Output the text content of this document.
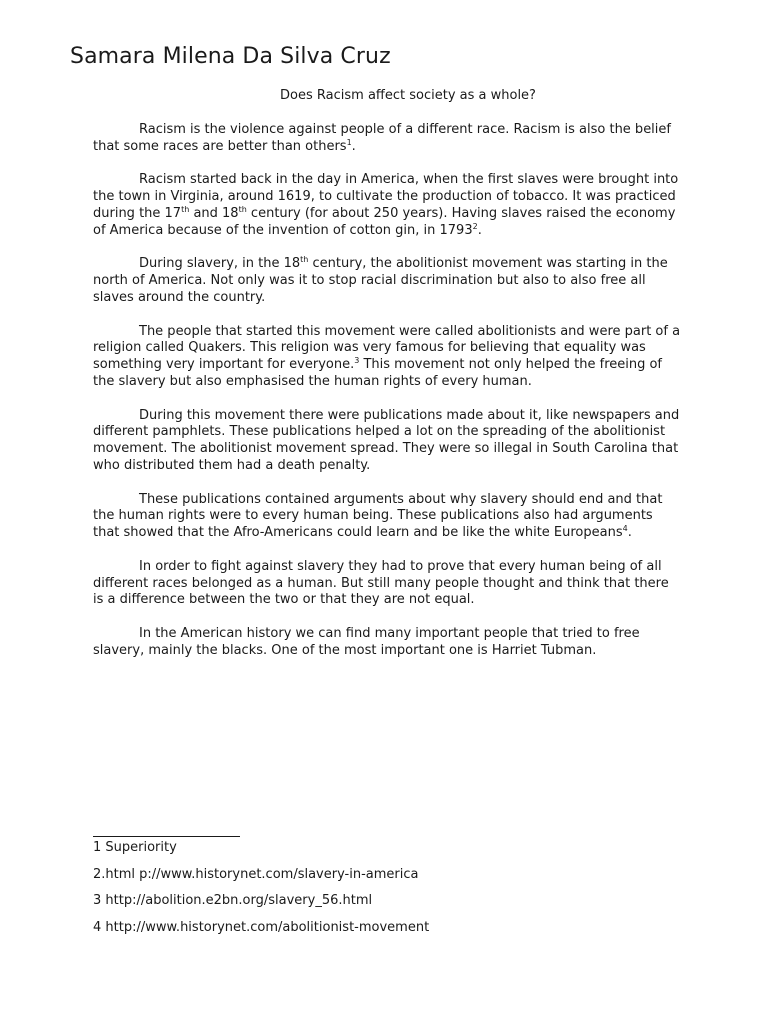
Samara Milena Da Silva Cruz
Does Racism affect society as a whole?

Racism is the violence against people of a different race. Racism is also the belief that some races are better than others$^1$.

Racism started back in the day in America, when the first slaves were brought into the town in Virginia, around 1619, to cultivate the production of tobacco. It was practiced during the 17th and 18th century (for about 250 years). Having slaves raised the economy of America because of the invention of cotton gin, in 1793$^2$.

During slavery, in the 18th century, the abolitionist movement was starting in the north of America. Not only was it to stop racial discrimination but also to also free all slaves around the country.

The people that started this movement were called abolitionists and were part of a religion called Quakers. This religion was very famous for believing that equality was something very important for everyone.$^3$ This movement not only helped the freeing of the slavery but also emphasised the human rights of every human.

During this movement there were publications made about it, like newspapers and different pamphlets. These publications helped a lot on the spreading of the abolitionist movement. The abolitionist movement spread. They were so illegal in South Carolina that who distributed them had a death penalty.

These publications contained arguments about why slavery should end and that the human rights were to every human being. These publications also had arguments that showed that the Afro-Americans could learn and be like the white Europeans$^4$.

In order to fight against slavery they had to prove that every human being of all different races belonged as a human. But still many people thought and think that there is a difference between the two or that they are not equal.

In the American history we can find many important people that tried to free slavery, mainly the blacks. One of the most important one is Harriet Tubman.

1 Superiority
2.html p://www.historynet.com/slavery-in-america
3 http://abolition.e2bn.org/slavery_56.html
4 http://www.historynet.com/abolitionist-movement
